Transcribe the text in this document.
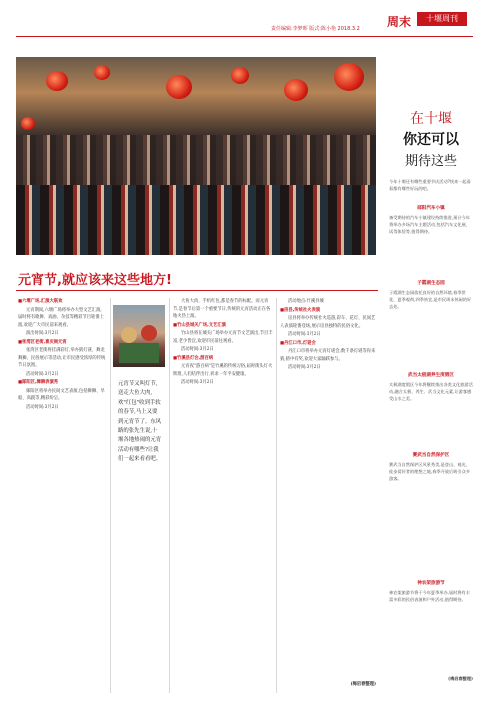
责任编辑:李梦晖 版式:陈小艳 2018.3.2 周末	十堰周刊
在十堰
你还可以
期待这些
今年十堰还有哪些重要节庆活动?快来一起看看都有哪些好玩的吧。
郧阳汽车小镇
备受期待的汽车小镇建设持续推进,预计今年将举办多场汽车主题活动,包括汽车文化展、试驾体验等,值得期待。
子霞湖生态园
子霞湖生态园依托良好的自然环境,春季赏花、夏季观荷,四季皆宜,是市民周末休闲的好去处。
武当太极湖养生度假区
太极湖度假区今年将继续推出各类文化旅游活动,融合太极、养生、武当文化元素,让游客感受山水之美。
赛武当自然保护区
赛武当自然保护区风景秀美,是登山、观光、徒步爱好者的理想之地,春季开放后吸引众多游客。
神农架旅游节
神农架旅游节将于今年夏季举办,届时将有丰富多彩的民俗表演和户外活动,值得期待。
(梅启春整理)
元宵节,就应该来这些地方!

■六堰广场,汇演大联欢

元宵期间,六堰广场将举办大型文艺汇演,届时将有歌舞、戏曲、杂技等精彩节目轮番上演,欢迎广大市民前来观看。

演出时间:3月2日

■张湾区老街,喜庆闹元宵

张湾区老街将挂满彩灯,举办猜灯谜、舞龙舞狮、民俗展示等活动,让市民感受浓厚的传统节日氛围。

活动时间:3月2日

■郧阳区,舞狮表演秀

郧阳区将举办民间文艺表演,包括舞狮、旱船、高跷等,精彩纷呈。

活动时间:3月2日

元宵节又叫灯节,送走大鱼大肉,欢"红包"收到手软的春节,马上又要到元宵节了。东风路的张先生说,十堰各地热闹的元宵活动有哪些?让我们一起来看看吧。

大鱼大肉、手机红包,都是春节的标配。而元宵节,是春节后第一个重要节日,传统的元宵活动正在各地火热上演。

■竹山县城关广场,文艺汇演

竹山县将在城关广场举办元宵节文艺演出,节目丰富,老少皆宜,欢迎市民前往观看。

活动时间:3月2日

■竹溪县灯会,游百病

元宵夜"游百病"是竹溪的传统习俗,届时街头灯火辉煌,人们结伴出行,祈求一年平安健康。

活动时间:3月2日

活动地点:竹溪县城

■房县,传统社火表演

房县将举办传统社火巡游,彩车、花灯、民间艺人表演轮番登场,展示房县独特的民俗文化。

活动时间:3月2日

■丹江口市,灯谜会

丹江口市将举办元宵灯谜会,数千条灯谜等你来猜,猜中有奖,欢迎大家踊跃参与。

活动时间:3月2日

(梅启春整理)
